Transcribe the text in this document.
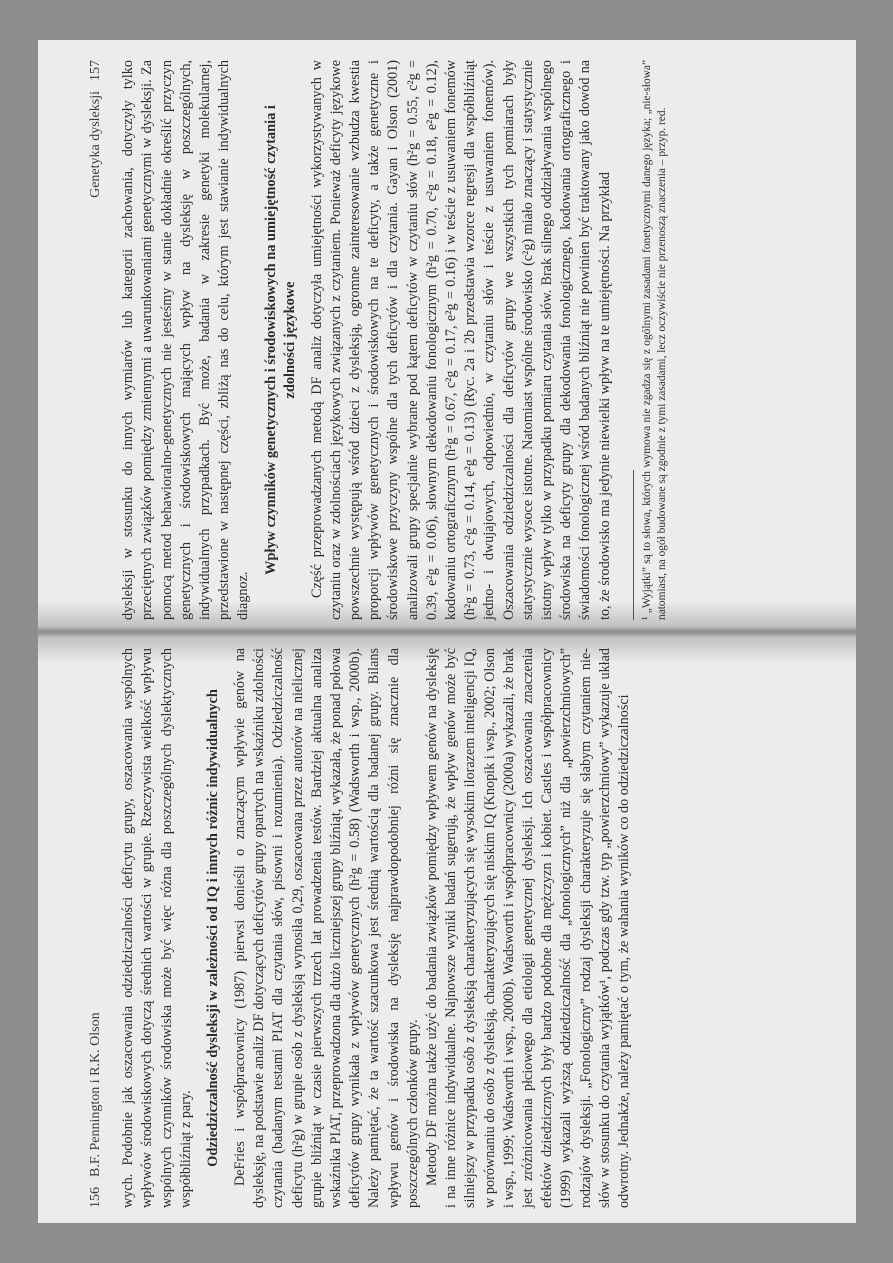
156
B.F. Pennington i R.K. Olson wych. Podobnie jak oszacowania odziedziczalności deficytu grupy, oszacowania wspólnych wpływów środowiskowych dotyczą średnich wartości w grupie. Rzeczywista wielkość wpływu wspólnych czynników środowiska może być więc różna dla poszczególnych dyslektycznych współbliźniąt z pary. Odziedziczalność dysleksji w zależności od IQ i innych różnic indywidualnych DeFries i współpracownicy (1987) pierwsi donieśli o znaczącym wpływie genów na dysleksję, na podstawie analiz DF dotyczących deficytów grupy opartych na wskaźniku zdolności czytania (badanym testami PIAT dla czytania słów, pisowni i rozumienia). Odziedziczalność deficytu (h²g) w grupie osób z dysleksją wynosiła 0,29, oszacowana przez autorów na nielicznej grupie bliźniąt w czasie pierwszych trzech lat prowadzenia testów. Bardziej aktualna analiza wskaźnika PIAT, przeprowadzona dla dużo liczniejszej grupy bliźniąt, wykazała, że ponad połowa deficytów grupy wynikała z wpływów genetycznych (h²g = 0.58) (Wadsworth i wsp., 2000b). Należy pamiętać, że ta wartość szacunkowa jest średnią wartością dla badanej grupy. Bilans wpływu genów i środowiska na dysleksję najprawdopodobniej różni się znacznie dla poszczególnych członków grupy. Metody DF można także użyć do badania związków pomiędzy wpływem genów na dysleksję i na inne różnice indywidualne. Najnowsze wyniki badań sugerują, że wpływ genów może być silniejszy w przypadku osób z dysleksją charakteryzujących się wysokim ilorazem inteligencji IQ, w porównaniu do osób z dysleksją, charakteryzujących się niskim IQ (Knopik i wsp., 2002; Olson i wsp., 1999; Wadsworth i wsp., 2000b). Wadsworth i współpracownicy (2000a) wykazali, że brak jest zróżnicowania płciowego dla etiologii genetycznej dysleksji. Ich oszacowania znaczenia efektów dziedzicznych były bardzo podobne dla mężczyzn i kobiet. Castles i współpracownicy (1999) wykazali wyższą odziedziczalność dla „fonologicznych” niż dla „powierzchniowych” rodzajów dysleksji. „Fonologiczny” rodzaj dysleksji charakteryzuje się słabym czytaniem nie-słów w stosunku do czytania wyjątków¹, podczas gdy tzw. typ „powierzchniowy” wykazuje układ odwrotny. Jednakże, należy pamiętać o tym, że wahania wyników co do odziedziczalności

Genetyka dysleksji
157 dysleksji w stosunku do innych wymiarów lub kategorii zachowania, dotyczyły tylko przeciętnych związków pomiędzy zmiennymi a uwarunkowaniami genetycznymi w dysleksji. Za pomocą metod behawioralno-genetycznych nie jesteśmy w stanie dokładnie określić przyczyn genetycznych i środowiskowych mających wpływ na dysleksję w poszczególnych, indywidualnych przypadkach. Być może, badania w zakresie genetyki molekularnej, przedstawione w następnej części, zbliżą nas do celu, którym jest stawianie indywidualnych diagnoz.

Wpływ czynników genetycznych i środowiskowych na umiejętność czytania i zdolności językowe Część przeprowadzanych metodą DF analiz dotyczyła umiejętności wykorzystywanych w czytaniu oraz w zdolnościach językowych związanych z czytaniem. Ponieważ deficyty językowe powszechnie występują wśród dzieci z dysleksją, ogromne zainteresowanie wzbudza kwestia proporcji wpływów genetycznych i środowiskowych na te deficyty, a także genetyczne i środowiskowe przyczyny wspólne dla tych deficytów i dla czytania. Gayan i Olson (2001) analizowali grupy specjalnie wybrane pod kątem deficytów w czytaniu słów (h²g = 0.55, c²g = 0.39, e²g = 0.06), słownym dekodowaniu fonologicznym (h²g = 0.70, c²g = 0.18, e²g = 0.12), kodowaniu ortograficznym (h²g = 0.67, c²g = 0.17, e²g = 0.16) i w teście z usuwaniem fonemów (h²g = 0.73, c²g = 0.14, e²g = 0.13) (Ryc. 2a i 2b przedstawia wzorce regresji dla współbliźniąt jedno- i dwujajowych, odpowiednio, w czytaniu słów i teście z usuwaniem fonemów). Oszacowania odziedziczalności dla deficytów grupy we wszystkich tych pomiarach były statystycznie wysoce istotne. Natomiast wspólne środowisko (c²g) miało znaczący i statystycznie istotny wpływ tylko w przypadku pomiaru czytania słów. Brak silnego oddziaływania wspólnego środowiska na deficyty grupy dla dekodowania fonologicznego, kodowania ortograficznego i świadomości fonologicznej wśród badanych bliźniąt nie powinien być traktowany jako dowód na to, że środowisko ma jedynie niewielki wpływ na te umiejętności. Na przykład ¹ „Wyjątki” są to słowa, których wymowa nie zgadza się z ogólnymi zasadami fonetycznymi danego języka; „nie-słowa” natomiast, na ogół budowane są zgodnie z tymi zasadami, lecz oczywiście nie przenoszą znaczenia – przyp. red.
